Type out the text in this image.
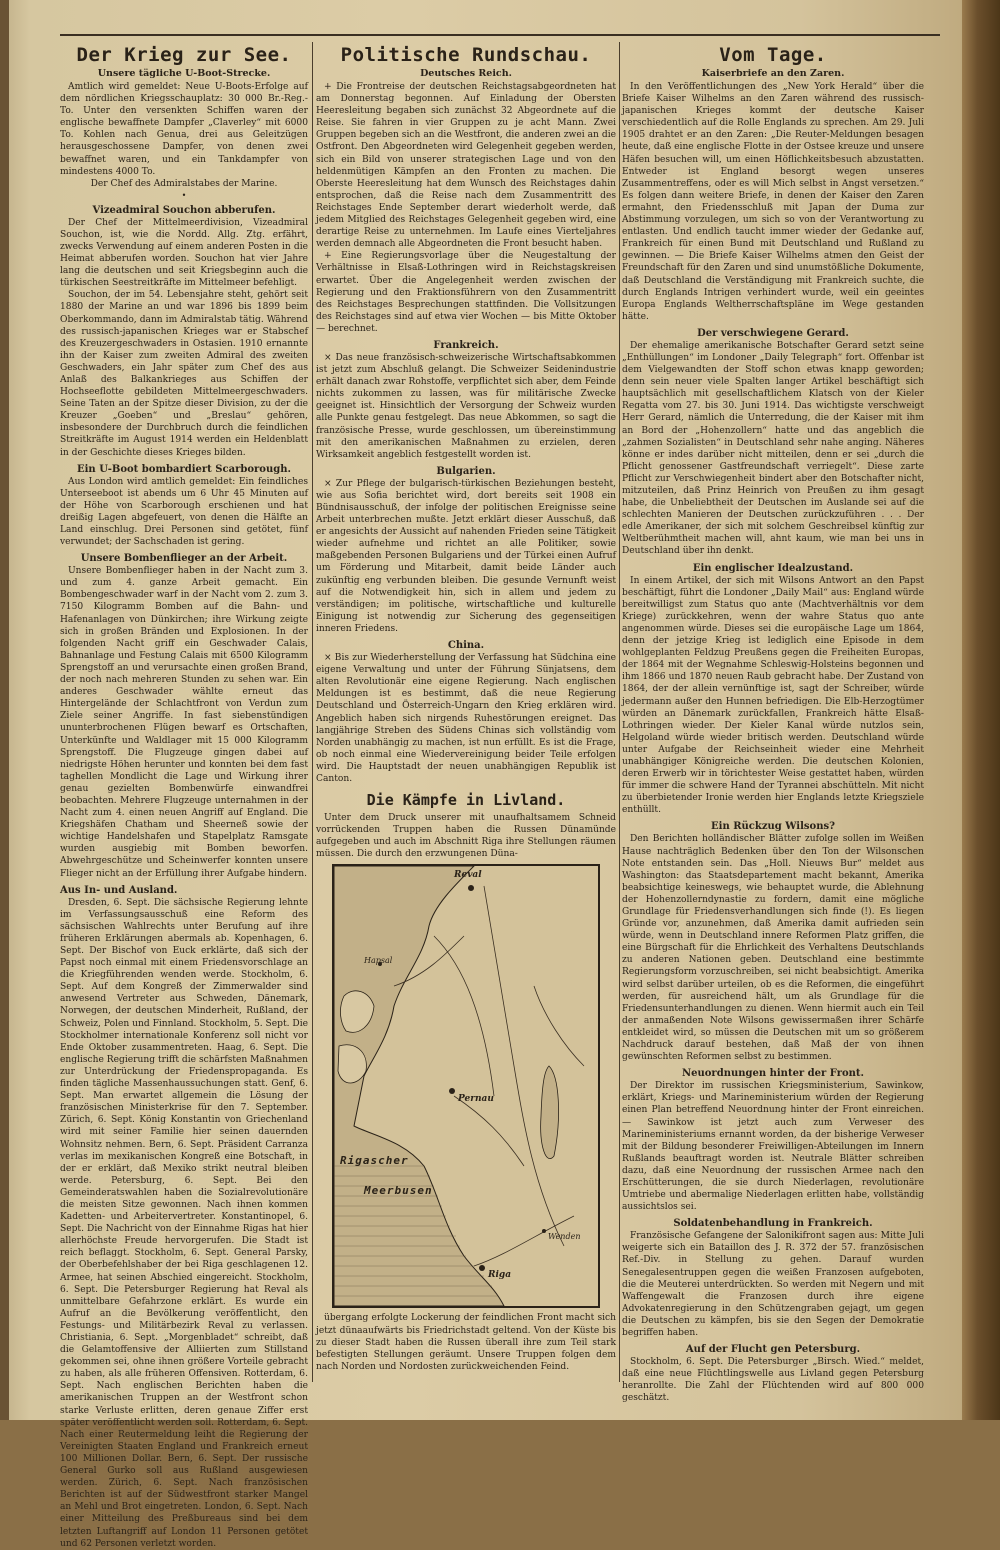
Der Krieg zur See.
Unsere tägliche U-Boot-Strecke.

Amtlich wird gemeldet: Neue U-Boots-Erfolge auf dem nördlichen Kriegsschauplatz: 30 000 Br.-Reg.-To. Unter den versenkten Schiffen waren der englische bewaffnete Dampfer „Claverley“ mit 6000 To. Kohlen nach Genua, drei aus Geleitzügen herausgeschossene Dampfer, von denen zwei bewaffnet waren, und ein Tankdampfer von mindestens 4000 To.

Der Chef des Admiralstabes der Marine.

•

Vizeadmiral Souchon abberufen.

Der Chef der Mittelmeerdivision, Vizeadmiral Souchon, ist, wie die Nordd. Allg. Ztg. erfährt, zwecks Verwendung auf einem anderen Posten in die Heimat abberufen worden. Souchon hat vier Jahre lang die deutschen und seit Kriegsbeginn auch die türkischen Seestreitkräfte im Mittelmeer befehligt.

Souchon, der im 54. Lebensjahre steht, gehört seit 1880 der Marine an und war 1896 bis 1899 beim Oberkommando, dann im Admiralstab tätig. Während des russisch-japanischen Krieges war er Stabschef des Kreuzergeschwaders in Ostasien. 1910 ernannte ihn der Kaiser zum zweiten Admiral des zweiten Geschwaders, ein Jahr später zum Chef des aus Anlaß des Balkankrieges aus Schiffen der Hochseeflotte gebildeten Mittelmeergeschwaders. Seine Taten an der Spitze dieser Division, zu der die Kreuzer „Goeben“ und „Breslau“ gehören, insbesondere der Durchbruch durch die feindlichen Streitkräfte im August 1914 werden ein Heldenblatt in der Geschichte dieses Krieges bilden.

Ein U-Boot bombardiert Scarborough.

Aus London wird amtlich gemeldet: Ein feindliches Unterseeboot ist abends um 6 Uhr 45 Minuten auf der Höhe von Scarborough erschienen und hat dreißig Lagen abgefeuert, von denen die Hälfte an Land einschlug. Drei Personen sind getötet, fünf verwundet; der Sachschaden ist gering.

Unsere Bombenflieger an der Arbeit.

Unsere Bombenflieger haben in der Nacht zum 3. und zum 4. ganze Arbeit gemacht. Ein Bombengeschwader warf in der Nacht vom 2. zum 3. 7150 Kilogramm Bomben auf die Bahn- und Hafenanlagen von Dünkirchen; ihre Wirkung zeigte sich in großen Bränden und Explosionen. In der folgenden Nacht griff ein Geschwader Calais, Bahnanlage und Festung Calais mit 6500 Kilogramm Sprengstoff an und verursachte einen großen Brand, der noch nach mehreren Stunden zu sehen war. Ein anderes Geschwader wählte erneut das Hintergelände der Schlachtfront von Verdun zum Ziele seiner Angriffe. In fast siebenstündigen ununterbrochenen Flügen bewarf es Ortschaften, Unterkünfte und Waldlager mit 15 000 Kilogramm Sprengstoff. Die Flugzeuge gingen dabei auf niedrigste Höhen herunter und konnten bei dem fast taghellen Mondlicht die Lage und Wirkung ihrer genau gezielten Bombenwürfe einwandfrei beobachten. Mehrere Flugzeuge unternahmen in der Nacht zum 4. einen neuen Angriff auf England. Die Kriegshäfen Chatham und Sheerneß sowie der wichtige Handelshafen und Stapelplatz Ramsgate wurden ausgiebig mit Bomben beworfen. Abwehrgeschütze und Scheinwerfer konnten unsere Flieger nicht an der Erfüllung ihrer Aufgabe hindern.

Aus In- und Ausland.

Dresden, 6. Sept. Die sächsische Regierung lehnte im Verfassungsausschuß eine Reform des sächsischen Wahlrechts unter Berufung auf ihre früheren Erklärungen abermals ab. Kopenhagen, 6. Sept. Der Bischof von Euck erklärte, daß sich der Papst noch einmal mit einem Friedensvorschlage an die Kriegführenden wenden werde. Stockholm, 6. Sept. Auf dem Kongreß der Zimmerwalder sind anwesend Vertreter aus Schweden, Dänemark, Norwegen, der deutschen Minderheit, Rußland, der Schweiz, Polen und Finnland. Stockholm, 5. Sept. Die Stockholmer internationale Konferenz soll nicht vor Ende Oktober zusammentreten. Haag, 6. Sept. Die englische Regierung trifft die schärfsten Maßnahmen zur Unterdrückung der Friedenspropaganda. Es finden tägliche Massenhaussuchungen statt. Genf, 6. Sept. Man erwartet allgemein die Lösung der französischen Ministerkrise für den 7. September. Zürich, 6. Sept. König Konstantin von Griechenland wird mit seiner Familie hier seinen dauernden Wohnsitz nehmen. Bern, 6. Sept. Präsident Carranza verlas im mexikanischen Kongreß eine Botschaft, in der er erklärt, daß Mexiko strikt neutral bleiben werde. Petersburg, 6. Sept. Bei den Gemeinderatswahlen haben die Sozialrevolutionäre die meisten Sitze gewonnen. Nach ihnen kommen Kadetten- und Arbeitervertreter. Konstantinopel, 6. Sept. Die Nachricht von der Einnahme Rigas hat hier allerhöchste Freude hervorgerufen. Die Stadt ist reich beflaggt. Stockholm, 6. Sept. General Parsky, der Oberbefehlshaber der bei Riga geschlagenen 12. Armee, hat seinen Abschied eingereicht. Stockholm, 6. Sept. Die Petersburger Regierung hat Reval als unmittelbare Gefahrzone erklärt. Es wurde ein Aufruf an die Bevölkerung veröffentlicht, den Festungs- und Militärbezirk Reval zu verlassen. Christiania, 6. Sept. „Morgenbladet“ schreibt, daß die Gelamtoffensive der Alliierten zum Stillstand gekommen sei, ohne ihnen größere Vorteile gebracht zu haben, als alle früheren Offensiven. Rotterdam, 6. Sept. Nach englischen Berichten haben die amerikanischen Truppen an der Westfront schon starke Verluste erlitten, deren genaue Ziffer erst später veröffentlicht werden soll. Rotterdam, 6. Sept. Nach einer Reutermeldung leiht die Regierung der Vereinigten Staaten England und Frankreich erneut 100 Millionen Dollar. Bern, 6. Sept. Der russische General Gurko soll aus Rußland ausgewiesen werden. Zürich, 6. Sept. Nach französischen Berichten ist auf der Südwestfront starker Mangel an Mehl und Brot eingetreten. London, 6. Sept. Nach einer Mitteilung des Preßbureaus sind bei dem letzten Luftangriff auf London 11 Personen getötet und 62 Personen verletzt worden.

Politische Rundschau.
Deutsches Reich.

+ Die Frontreise der deutschen Reichstagsabgeordneten hat am Donnerstag begonnen. Auf Einladung der Obersten Heeresleitung begaben sich zunächst 32 Abgeordnete auf die Reise. Sie fahren in vier Gruppen zu je acht Mann. Zwei Gruppen begeben sich an die Westfront, die anderen zwei an die Ostfront. Den Abgeordneten wird Gelegenheit gegeben werden, sich ein Bild von unserer strategischen Lage und von den heldenmütigen Kämpfen an den Fronten zu machen. Die Oberste Heeresleitung hat dem Wunsch des Reichstages dahin entsprochen, daß die Reise nach dem Zusammentritt des Reichstages Ende September derart wiederholt werde, daß jedem Mitglied des Reichstages Gelegenheit gegeben wird, eine derartige Reise zu unternehmen. Im Laufe eines Vierteljahres werden demnach alle Abgeordneten die Front besucht haben.

+ Eine Regierungsvorlage über die Neugestaltung der Verhältnisse in Elsaß-Lothringen wird in Reichstagskreisen erwartet. Über die Angelegenheit werden zwischen der Regierung und den Fraktionsführern von den Zusammentritt des Reichstages Besprechungen stattfinden. Die Vollsitzungen des Reichstages sind auf etwa vier Wochen — bis Mitte Oktober — berechnet.

Frankreich.

× Das neue französisch-schweizerische Wirtschaftsabkommen ist jetzt zum Abschluß gelangt. Die Schweizer Seidenindustrie erhält danach zwar Rohstoffe, verpflichtet sich aber, dem Feinde nichts zukommen zu lassen, was für militärische Zwecke geeignet ist. Hinsichtlich der Versorgung der Schweiz wurden alle Punkte genau festgelegt. Das neue Abkommen, so sagt die französische Presse, wurde geschlossen, um übereinstimmung mit den amerikanischen Maßnahmen zu erzielen, deren Wirksamkeit angeblich festgestellt worden ist.

Bulgarien.

× Zur Pflege der bulgarisch-türkischen Beziehungen besteht, wie aus Sofia berichtet wird, dort bereits seit 1908 ein Bündnisausschuß, der infolge der politischen Ereignisse seine Arbeit unterbrechen mußte. Jetzt erklärt dieser Ausschuß, daß er angesichts der Aussicht auf nahenden Frieden seine Tätigkeit wieder aufnehme und richtet an alle Politiker, sowie maßgebenden Personen Bulgariens und der Türkei einen Aufruf um Förderung und Mitarbeit, damit beide Länder auch zukünftig eng verbunden bleiben. Die gesunde Vernunft weist auf die Notwendigkeit hin, sich in allem und jedem zu verständigen; im politische, wirtschaftliche und kulturelle Einigung ist notwendig zur Sicherung des gegenseitigen inneren Friedens.

China.

× Bis zur Wiederherstellung der Verfassung hat Südchina eine eigene Verwaltung und unter der Führung Sünjatsens, dem alten Revolutionär eine eigene Regierung. Nach englischen Meldungen ist es bestimmt, daß die neue Regierung Deutschland und Österreich-Ungarn den Krieg erklären wird. Angeblich haben sich nirgends Ruhestörungen ereignet. Das langjährige Streben des Südens Chinas sich vollständig vom Norden unabhängig zu machen, ist nun erfüllt. Es ist die Frage, ob noch einmal eine Wiedervereinigung beider Teile erfolgen wird. Die Hauptstadt der neuen unabhängigen Republik ist Canton.

Die Kämpfe in Livland.

Unter dem Druck unserer mit unaufhaltsamem Schneid vorrückenden Truppen haben die Russen Dünamünde aufgegeben und auch im Abschnitt Riga ihre Stellungen räumen müssen. Die durch den erzwungenen Düna-

Reval
Hapsal
Pernau
Rigascher
Meerbusen
Riga
Wenden

übergang erfolgte Lockerung der feindlichen Front macht sich jetzt dünaaufwärts bis Friedrichstadt geltend. Von der Küste bis zu dieser Stadt haben die Russen überall ihre zum Teil stark befestigten Stellungen geräumt. Unsere Truppen folgen dem nach Norden und Nordosten zurückweichenden Feind.

Vom Tage.
Kaiserbriefe an den Zaren.

In den Veröffentlichungen des „New York Herald“ über die Briefe Kaiser Wilhelms an den Zaren während des russisch-japanischen Krieges kommt der deutsche Kaiser verschiedentlich auf die Rolle Englands zu sprechen. Am 29. Juli 1905 drahtet er an den Zaren: „Die Reuter-Meldungen besagen heute, daß eine englische Flotte in der Ostsee kreuze und unsere Häfen besuchen will, um einen Höflichkeitsbesuch abzustatten. Entweder ist England besorgt wegen unseres Zusammentreffens, oder es will Mich selbst in Angst versetzen.“ Es folgen dann weitere Briefe, in denen der Kaiser den Zaren ermahnt, den Friedensschluß mit Japan der Duma zur Abstimmung vorzulegen, um sich so von der Verantwortung zu entlasten. Und endlich taucht immer wieder der Gedanke auf, Frankreich für einen Bund mit Deutschland und Rußland zu gewinnen. — Die Briefe Kaiser Wilhelms atmen den Geist der Freundschaft für den Zaren und sind unumstößliche Dokumente, daß Deutschland die Verständigung mit Frankreich suchte, die durch Englands Intrigen verhindert wurde, weil ein geeintes Europa Englands Weltherrschaftspläne im Wege gestanden hätte.

Der verschwiegene Gerard.

Der ehemalige amerikanische Botschafter Gerard setzt seine „Enthüllungen“ im Londoner „Daily Telegraph“ fort. Offenbar ist dem Vielgewandten der Stoff schon etwas knapp geworden; denn sein neuer viele Spalten langer Artikel beschäftigt sich hauptsächlich mit gesellschaftlichem Klatsch von der Kieler Regatta vom 27. bis 30. Juni 1914. Das wichtigste verschweigt Herr Gerard, nämlich die Unterredung, die der Kaiser mit ihm an Bord der „Hohenzollern“ hatte und das angeblich die „zahmen Sozialisten“ in Deutschland sehr nahe anging. Näheres könne er indes darüber nicht mitteilen, denn er sei „durch die Pflicht genossener Gastfreundschaft verriegelt“. Diese zarte Pflicht zur Verschwiegenheit bindert aber den Botschafter nicht, mitzuteilen, daß Prinz Heinrich von Preußen zu ihm gesagt habe, die Unbeliebtheit der Deutschen im Auslande sei auf die schlechten Manieren der Deutschen zurückzuführen . . . Der edle Amerikaner, der sich mit solchem Geschreibsel künftig zur Weltberühmtheit machen will, ahnt kaum, wie man bei uns in Deutschland über ihn denkt.

Ein englischer Idealzustand.

In einem Artikel, der sich mit Wilsons Antwort an den Papst beschäftigt, führt die Londoner „Daily Mail“ aus: England würde bereitwilligst zum Status quo ante (Machtverhältnis vor dem Kriege) zurückkehren, wenn der wahre Status quo ante angenommen würde. Dieses sei die europäische Lage um 1864, denn der jetzige Krieg ist lediglich eine Episode in dem wohlgeplanten Feldzug Preußens gegen die Freiheiten Europas, der 1864 mit der Wegnahme Schleswig-Holsteins begonnen und ihm 1866 und 1870 neuen Raub gebracht habe. Der Zustand von 1864, der der allein vernünftige ist, sagt der Schreiber, würde jedermann außer den Hunnen befriedigen. Die Elb-Herzogtümer würden an Dänemark zurückfallen, Frankreich hätte Elsaß-Lothringen wieder. Der Kieler Kanal würde nutzlos sein, Helgoland würde wieder britisch werden. Deutschland würde unter Aufgabe der Reichseinheit wieder eine Mehrheit unabhängiger Königreiche werden. Die deutschen Kolonien, deren Erwerb wir in törichtester Weise gestattet haben, würden für immer die schwere Hand der Tyrannei abschütteln. Mit nicht zu überbietender Ironie werden hier Englands letzte Kriegsziele enthüllt.

Ein Rückzug Wilsons?

Den Berichten holländischer Blätter zufolge sollen im Weißen Hause nachträglich Bedenken über den Ton der Wilsonschen Note entstanden sein. Das „Holl. Nieuws Bur“ meldet aus Washington: das Staatsdepartement macht bekannt, Amerika beabsichtige keineswegs, wie behauptet wurde, die Ablehnung der Hohenzollerndynastie zu fordern, damit eine mögliche Grundlage für Friedensverhandlungen sich finde (!). Es liegen Gründe vor, anzunehmen, daß Amerika damit aufrieden sein würde, wenn in Deutschland innere Reformen Platz griffen, die eine Bürgschaft für die Ehrlichkeit des Verhaltens Deutschlands zu anderen Nationen geben. Deutschland eine bestimmte Regierungsform vorzuschreiben, sei nicht beabsichtigt. Amerika wird selbst darüber urteilen, ob es die Reformen, die eingeführt werden, für ausreichend hält, um als Grundlage für die Friedensunterhandlungen zu dienen. Wenn hiermit auch ein Teil der anmaßenden Note Wilsons gewissermaßen ihrer Schärfe entkleidet wird, so müssen die Deutschen mit um so größerem Nachdruck darauf bestehen, daß Maß der von ihnen gewünschten Reformen selbst zu bestimmen.

Neuordnungen hinter der Front.

Der Direktor im russischen Kriegsministerium, Sawinkow, erklärt, Kriegs- und Marineministerium würden der Regierung einen Plan betreffend Neuordnung hinter der Front einreichen. — Sawinkow ist jetzt auch zum Verweser des Marineministeriums ernannt worden, da der bisherige Verweser mit der Bildung besonderer Freiwilligen-Abteilungen im Innern Rußlands beauftragt worden ist. Neutrale Blätter schreiben dazu, daß eine Neuordnung der russischen Armee nach den Erschütterungen, die sie durch Niederlagen, revolutionäre Umtriebe und abermalige Niederlagen erlitten habe, vollständig aussichtslos sei.

Soldatenbehandlung in Frankreich.

Französische Gefangene der Salonikifront sagen aus: Mitte Juli weigerte sich ein Bataillon des J. R. 372 der 57. französischen Ref.-Div. in Stellung zu gehen. Darauf wurden Senegalesentruppen gegen die weißen Franzosen aufgeboten, die die Meuterei unterdrückten. So werden mit Negern und mit Waffengewalt die Franzosen durch ihre eigene Advokatenregierung in den Schützengraben gejagt, um gegen die Deutschen zu kämpfen, bis sie den Segen der Demokratie begriffen haben.

Auf der Flucht gen Petersburg.

Stockholm, 6. Sept. Die Petersburger „Birsch. Wied.“ meldet, daß eine neue Flüchtlingswelle aus Livland gegen Petersburg heranrollte. Die Zahl der Flüchtenden wird auf 800 000 geschätzt.
